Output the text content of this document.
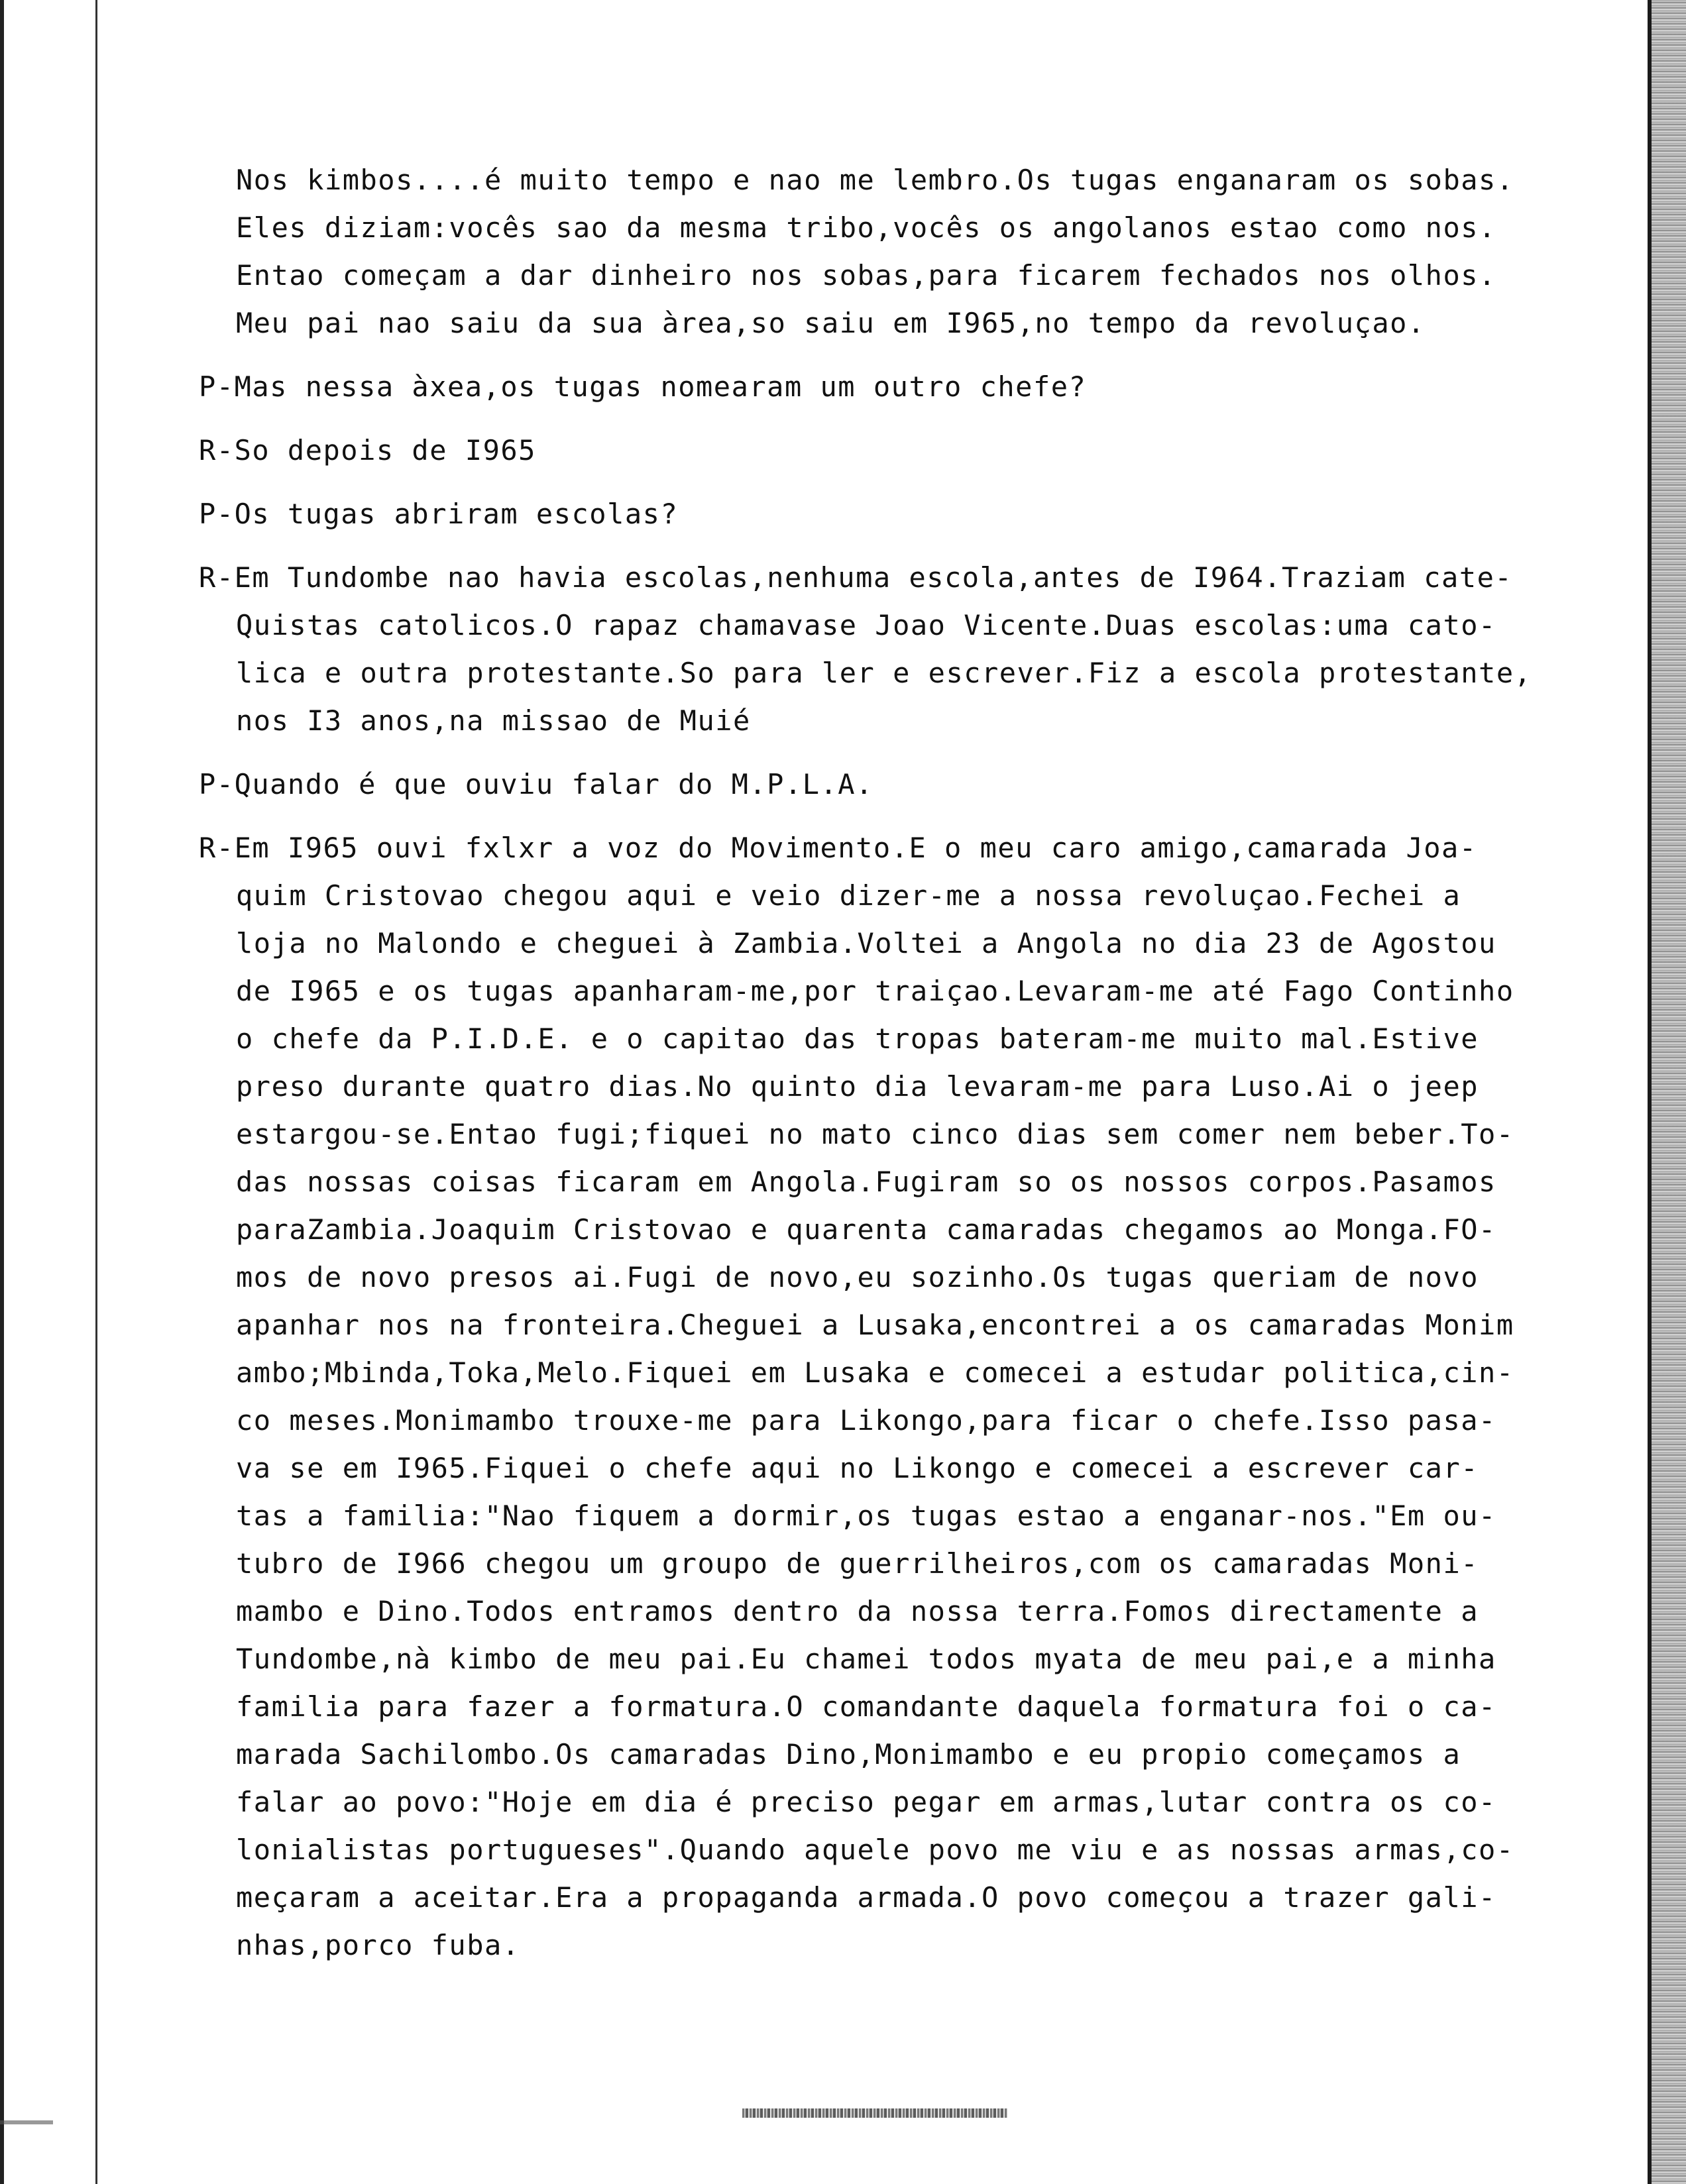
Nos kimbos....é muito tempo e nao me lembro.Os tugas enganaram os sobas.
Eles diziam:vocês sao da mesma tribo,vocês os angolanos estao como nos.
Entao começam a dar dinheiro nos sobas,para ficarem fechados nos olhos.
Meu pai nao saiu da sua àrea,so saiu em I965,no tempo da revoluçao.
P-Mas nessa àxea,os tugas nomearam um outro chefe?
R-So depois de I965
P-Os tugas abriram escolas?
R-Em Tundombe nao havia escolas,nenhuma escola,antes de I964.Traziam cate-
Quistas catolicos.O rapaz chamavase Joao Vicente.Duas escolas:uma cato-
lica e outra protestante.So para ler e escrever.Fiz a escola protestante,
nos I3 anos,na missao de Muié
P-Quando é que ouviu falar do M.P.L.A.
R-Em I965 ouvi fxlxr a voz do Movimento.E o meu caro amigo,camarada Joa-
quim Cristovao chegou aqui e veio dizer-me a nossa revoluçao.Fechei a
loja no Malondo e cheguei à Zambia.Voltei a Angola no dia 23 de Agostou
de I965 e os tugas apanharam-me,por traiçao.Levaram-me até Fago Continho
o chefe da P.I.D.E. e o capitao das tropas bateram-me muito mal.Estive
preso durante quatro dias.No quinto dia levaram-me para Luso.Ai o jeep
estargou-se.Entao fugi;fiquei no mato cinco dias sem comer nem beber.To-
das nossas coisas ficaram em Angola.Fugiram so os nossos corpos.Pasamos
paraZambia.Joaquim Cristovao e quarenta camaradas chegamos ao Monga.FO-
mos de novo presos ai.Fugi de novo,eu sozinho.Os tugas queriam de novo
apanhar nos na fronteira.Cheguei a Lusaka,encontrei a os camaradas Monim
ambo;Mbinda,Toka,Melo.Fiquei em Lusaka e comecei a estudar politica,cin-
co meses.Monimambo trouxe-me para Likongo,para ficar o chefe.Isso pasa-
va se em I965.Fiquei o chefe aqui no Likongo e comecei a escrever car-
tas a familia:"Nao fiquem a dormir,os tugas estao a enganar-nos."Em ou-
tubro de I966 chegou um groupo de guerrilheiros,com os camaradas Moni-
mambo e Dino.Todos entramos dentro da nossa terra.Fomos directamente a
Tundombe,nà kimbo de meu pai.Eu chamei todos myata de meu pai,e a minha
familia para fazer a formatura.O comandante daquela formatura foi o ca-
marada Sachilombo.Os camaradas Dino,Monimambo e eu propio começamos a
falar ao povo:"Hoje em dia é preciso pegar em armas,lutar contra os co-
lonialistas portugueses".Quando aquele povo me viu e as nossas armas,co-
meçaram a aceitar.Era a propaganda armada.O povo começou a trazer gali-
nhas,porco fuba.
